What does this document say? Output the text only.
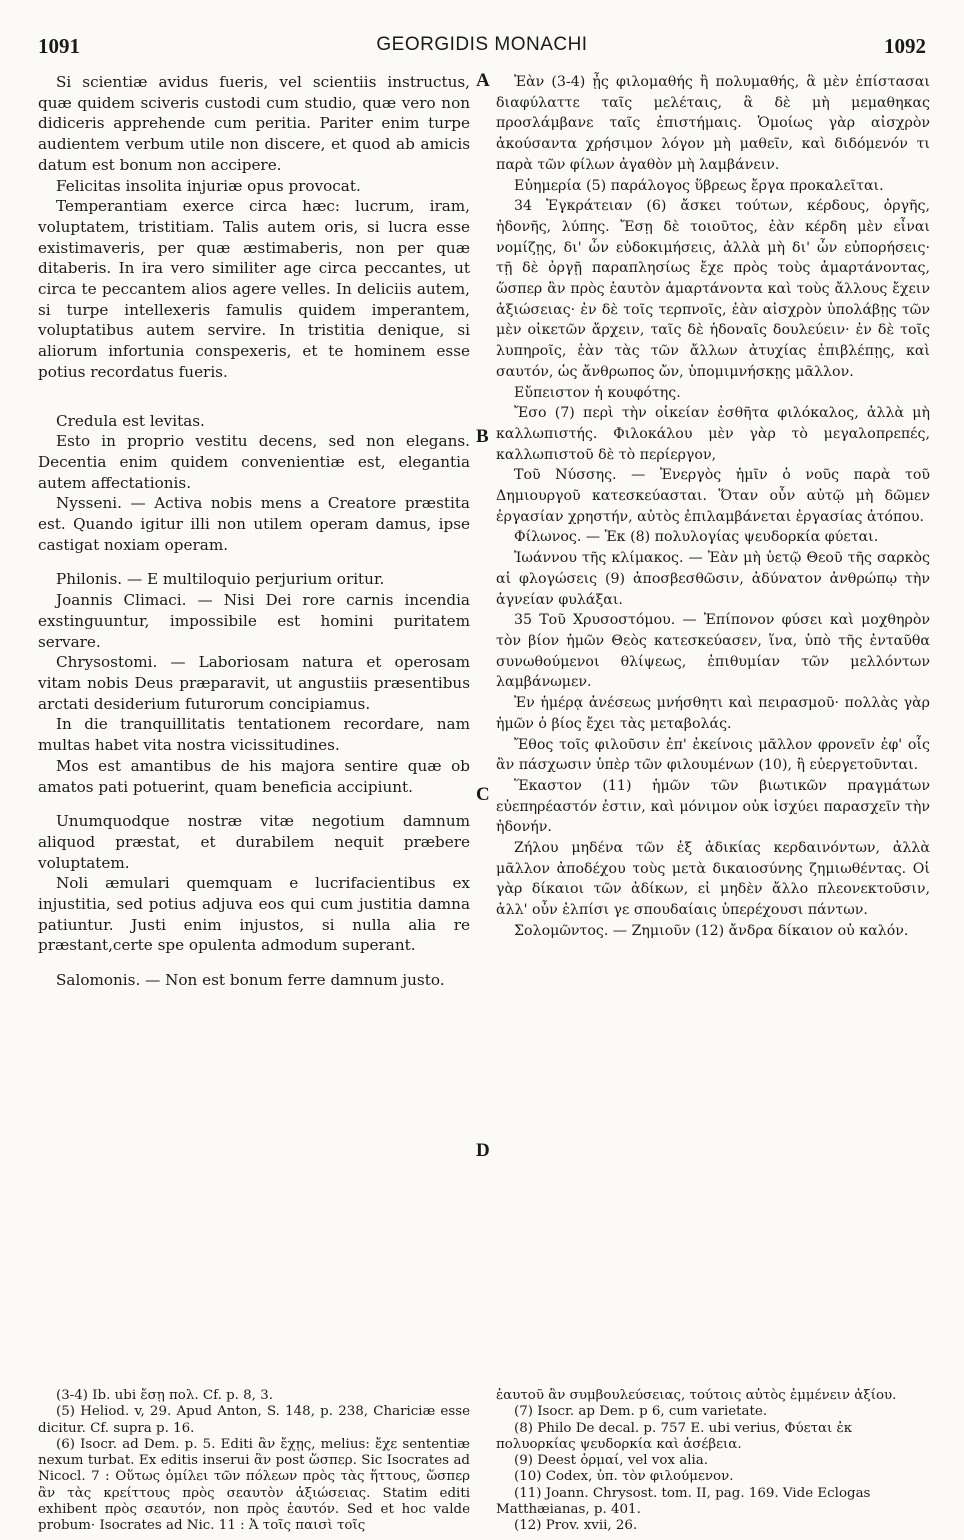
1091	GEORGIDIS MONACHI	1092
A
B
C
D

Si scientiæ avidus fueris, vel scientiis instructus, quæ quidem sciveris custodi cum studio, quæ vero non didiceris apprehende cum peritia. Pariter enim turpe audientem verbum utile non discere, et quod ab amicis datum est bonum non accipere.

Felicitas insolita injuriæ opus provocat.

Temperantiam exerce circa hæc: lucrum, iram, voluptatem, tristitiam. Talis autem oris, si lucra esse existimaveris, per quæ æstimaberis, non per quæ ditaberis. In ira vero similiter age circa peccantes, ut circa te peccantem alios agere velles. In deliciis autem, si turpe intellexeris famulis quidem imperantem, voluptatibus autem servire. In tristitia denique, si aliorum infortunia conspexeris, et te hominem esse potius recordatus fueris.

Credula est levitas.

Esto in proprio vestitu decens, sed non elegans. Decentia enim quidem convenientiæ est, elegantia autem affectationis.

Nysseni. — Activa nobis mens a Creatore præstita est. Quando igitur illi non utilem operam damus, ipse castigat noxiam operam.

Philonis. — E multiloquio perjurium oritur.

Joannis Climaci. — Nisi Dei rore carnis incendia exstinguuntur, impossibile est homini puritatem servare.

Chrysostomi. — Laboriosam natura et operosam vitam nobis Deus præparavit, ut angustiis præsentibus arctati desiderium futurorum concipiamus.

In die tranquillitatis tentationem recordare, nam multas habet vita nostra vicissitudines.

Mos est amantibus de his majora sentire quæ ob amatos pati potuerint, quam beneficia accipiunt.

Unumquodque nostræ vitæ negotium damnum aliquod præstat, et durabilem nequit præbere voluptatem.

Noli æmulari quemquam e lucrifacientibus ex injustitia, sed potius adjuva eos qui cum justitia damna patiuntur. Justi enim injustos, si nulla alia re præstant,certe spe opulenta admodum superant.

Salomonis. — Non est bonum ferre damnum justo.

Ἐὰν (3-4) ᾖς φιλομαθής ἢ πολυμαθής, ἃ μὲν ἐπίστασαι διαφύλαττε ταῖς μελέταις, ἃ δὲ μὴ μεμαθηκας προσλάμβανε ταῖς ἐπιστήμαις. Ὁμοίως γὰρ αἰσχρὸν ἀκούσαντα χρήσιμον λόγον μὴ μαθεῖν, καὶ διδόμενόν τι παρὰ τῶν φίλων ἀγαθὸν μὴ λαμβάνειν.

Εὐημερία (5) παράλογος ὕβρεως ἔργα προκαλεῖται.

34 Ἐγκράτειαν (6) ἄσκει τούτων, κέρδους, ὀργῆς, ἡδονῆς, λύπης. Ἔσῃ δὲ τοιοῦτος, ἐὰν κέρδη μὲν εἶναι νομίζῃς, δι' ὧν εὐδοκιμήσεις, ἀλλὰ μὴ δι' ὧν εὐπορήσεις· τῇ δὲ ὀργῇ παραπλησίως ἔχε πρὸς τοὺς ἁμαρτάνοντας, ὥσπερ ἂν πρὸς ἑαυτὸν ἁμαρτάνοντα καὶ τοὺς ἄλλους ἔχειν ἀξιώσειας· ἐν δὲ τοῖς τερπνοῖς, ἐὰν αἰσχρὸν ὑπολάβῃς τῶν μὲν οἰκετῶν ἄρχειν, ταῖς δὲ ἡδοναῖς δουλεύειν· ἐν δὲ τοῖς λυπηροῖς, ἐὰν τὰς τῶν ἄλλων ἀτυχίας ἐπιβλέπῃς, καὶ σαυτόν, ὡς ἄνθρωπος ὤν, ὑπομιμνήσκῃς μᾶλλον.

Εὔπειστον ἡ κουφότης.

Ἔσο (7) περὶ τὴν οἰκείαν ἐσθῆτα φιλόκαλος, ἀλλὰ μὴ καλλωπιστής. Φιλοκάλου μὲν γὰρ τὸ μεγαλοπρεπές, καλλωπιστοῦ δὲ τὸ περίεργον,

Τοῦ Νύσσης. — Ἐνεργὸς ἡμῖν ὁ νοῦς παρὰ τοῦ Δημιουργοῦ κατεσκεύασται. Ὅταν οὖν αὐτῷ μὴ δῶμεν ἐργασίαν χρηστήν, αὐτὸς ἐπιλαμβάνεται ἐργασίας ἀτόπου.

Φίλωνος. — Ἐκ (8) πολυλογίας ψευδορκία φύεται.

Ἰωάννου τῆς κλίμακος. — Ἐὰν μὴ ὑετῷ Θεοῦ τῆς σαρκὸς αἱ φλογώσεις (9) ἀποσβεσθῶσιν, ἀδύνατον ἀνθρώπῳ τὴν ἁγνείαν φυλάξαι.

35 Τοῦ Χρυσοστόμου. — Ἐπίπονον φύσει καὶ μοχθηρὸν τὸν βίον ἡμῶν Θεὸς κατεσκεύασεν, ἵνα, ὑπὸ τῆς ἐνταῦθα συνωθούμενοι θλίψεως, ἐπιθυμίαν τῶν μελλόντων λαμβάνωμεν.

Ἐν ἡμέρᾳ ἀνέσεως μνήσθητι καὶ πειρασμοῦ· πολλὰς γὰρ ἡμῶν ὁ βίος ἔχει τὰς μεταβολάς.

Ἔθος τοῖς φιλοῦσιν ἐπ' ἐκείνοις μᾶλλον φρονεῖν ἐφ' οἷς ἂν πάσχωσιν ὑπὲρ τῶν φιλουμένων (10), ἢ εὐεργετοῦνται.

Ἕκαστον (11) ἡμῶν τῶν βιωτικῶν πραγμάτων εὐεπηρέαστόν ἐστιν, καὶ μόνιμον οὐκ ἰσχύει παρασχεῖν τὴν ἡδονήν.

Ζήλου μηδένα τῶν ἐξ ἀδικίας κερδαινόντων, ἀλλὰ μᾶλλον ἀποδέχου τοὺς μετὰ δικαιοσύνης ζημιωθέντας. Οἱ γὰρ δίκαιοι τῶν ἀδίκων, εἰ μηδὲν ἄλλο πλεονεκτοῦσιν, ἀλλ' οὖν ἐλπίσι γε σπουδαίαις ὑπερέχουσι πάντων.

Σολομῶντος. — Ζημιοῦν (12) ἄνδρα δίκαιον οὐ καλόν.

(3-4) Ib. ubi ἔσῃ πολ. Cf. p. 8, 3.

(5) Heliod. v, 29. Apud Anton, S. 148, p. 238, Chariciæ esse dicitur. Cf. supra p. 16.

(6) Isocr. ad Dem. p. 5. Editi ἂν ἔχῃς, melius: ἔχε sententiæ nexum turbat. Ex editis inserui ἂν post ὥσπερ. Sic Isocrates ad Nicocl. 7 : Οὕτως ὁμίλει τῶν πόλεων πρὸς τὰς ἥττους, ὥσπερ ἂν τὰς κρείττους πρὸς σεαυτὸν ἀξιώσειας. Statim editi exhibent πρὸς σεαυτόν, non πρὸς ἑαυτόν. Sed et hoc valde probum· Isocrates ad Nic. 11 : Ἀ τοῖς παισὶ τοῖς

ἑαυτοῦ ἂν συμβουλεύσειας, τούτοις αὐτὸς ἐμμένειν ἀξίου.

(7) Isocr. ap Dem. p 6, cum varietate.

(8) Philo De decal. p. 757 E. ubi verius, Φύεται ἐκ πολυορκίας ψευδορκία καὶ ἀσέβεια.

(9) Deest ὁρμαί, vel vox alia.

(10) Codex, ὑπ. τὸν φιλούμενον.

(11) Joann. Chrysost. tom. II, pag. 169. Vide Eclogas Matthæianas, p. 401.

(12) Prov. xvii, 26.
